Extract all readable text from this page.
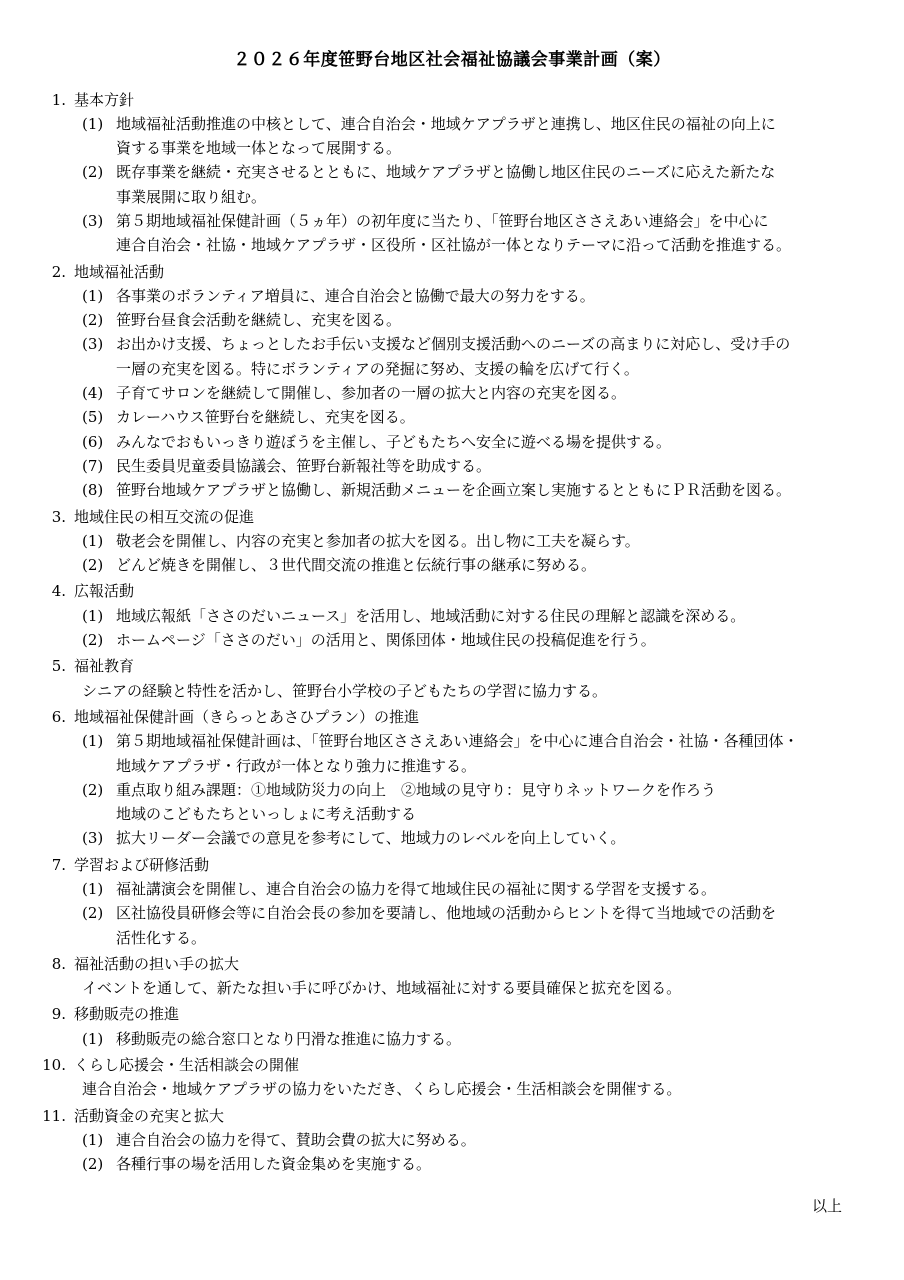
２０２６年度笹野台地区社会福祉協議会事業計画（案）
1. 基本方針
(1) 地域福祉活動推進の中核として、連合自治会・地域ケアプラザと連携し、地区住民の福祉の向上に
資する事業を地域一体となって展開する。
(2) 既存事業を継続・充実させるとともに、地域ケアプラザと協働し地区住民のニーズに応えた新たな
事業展開に取り組む。
(3) 第５期地域福祉保健計画（５ヵ年）の初年度に当たり、「笹野台地区ささえあい連絡会」を中心に
連合自治会・社協・地域ケアプラザ・区役所・区社協が一体となりテーマに沿って活動を推進する。
2. 地域福祉活動
(1) 各事業のボランティア増員に、連合自治会と協働で最大の努力をする。
(2) 笹野台昼食会活動を継続し、充実を図る。
(3) お出かけ支援、ちょっとしたお手伝い支援など個別支援活動へのニーズの高まりに対応し、受け手の
一層の充実を図る。特にボランティアの発掘に努め、支援の輪を広げて行く。
(4) 子育てサロンを継続して開催し、参加者の一層の拡大と内容の充実を図る。
(5) カレーハウス笹野台を継続し、充実を図る。
(6) みんなでおもいっきり遊ぼうを主催し、子どもたちへ安全に遊べる場を提供する。
(7) 民生委員児童委員協議会、笹野台新報社等を助成する。
(8) 笹野台地域ケアプラザと協働し、新規活動メニューを企画立案し実施するとともにＰＲ活動を図る。
3. 地域住民の相互交流の促進
(1) 敬老会を開催し、内容の充実と参加者の拡大を図る。出し物に工夫を凝らす。
(2) どんど焼きを開催し、３世代間交流の推進と伝統行事の継承に努める。
4. 広報活動
(1) 地域広報紙「ささのだいニュース」を活用し、地域活動に対する住民の理解と認識を深める。
(2) ホームページ「ささのだい」の活用と、関係団体・地域住民の投稿促進を行う。
5. 福祉教育
シニアの経験と特性を活かし、笹野台小学校の子どもたちの学習に協力する。
6. 地域福祉保健計画（きらっとあさひプラン）の推進
(1) 第５期地域福祉保健計画は、「笹野台地区ささえあい連絡会」を中心に連合自治会・社協・各種団体・
地域ケアプラザ・行政が一体となり強力に推進する。
(2) 重点取り組み課題：①地域防災力の向上　②地域の見守り：見守りネットワークを作ろう
地域のこどもたちといっしょに考え活動する
(3) 拡大リーダー会議での意見を参考にして、地域力のレベルを向上していく。
7. 学習および研修活動
(1) 福祉講演会を開催し、連合自治会の協力を得て地域住民の福祉に関する学習を支援する。
(2) 区社協役員研修会等に自治会長の参加を要請し、他地域の活動からヒントを得て当地域での活動を
活性化する。
8. 福祉活動の担い手の拡大
イベントを通して、新たな担い手に呼びかけ、地域福祉に対する要員確保と拡充を図る。
9. 移動販売の推進
(1) 移動販売の総合窓口となり円滑な推進に協力する。
10. くらし応援会・生活相談会の開催
連合自治会・地域ケアプラザの協力をいただき、くらし応援会・生活相談会を開催する。
11. 活動資金の充実と拡大
(1) 連合自治会の協力を得て、賛助会費の拡大に努める。
(2) 各種行事の場を活用した資金集めを実施する。
以上
